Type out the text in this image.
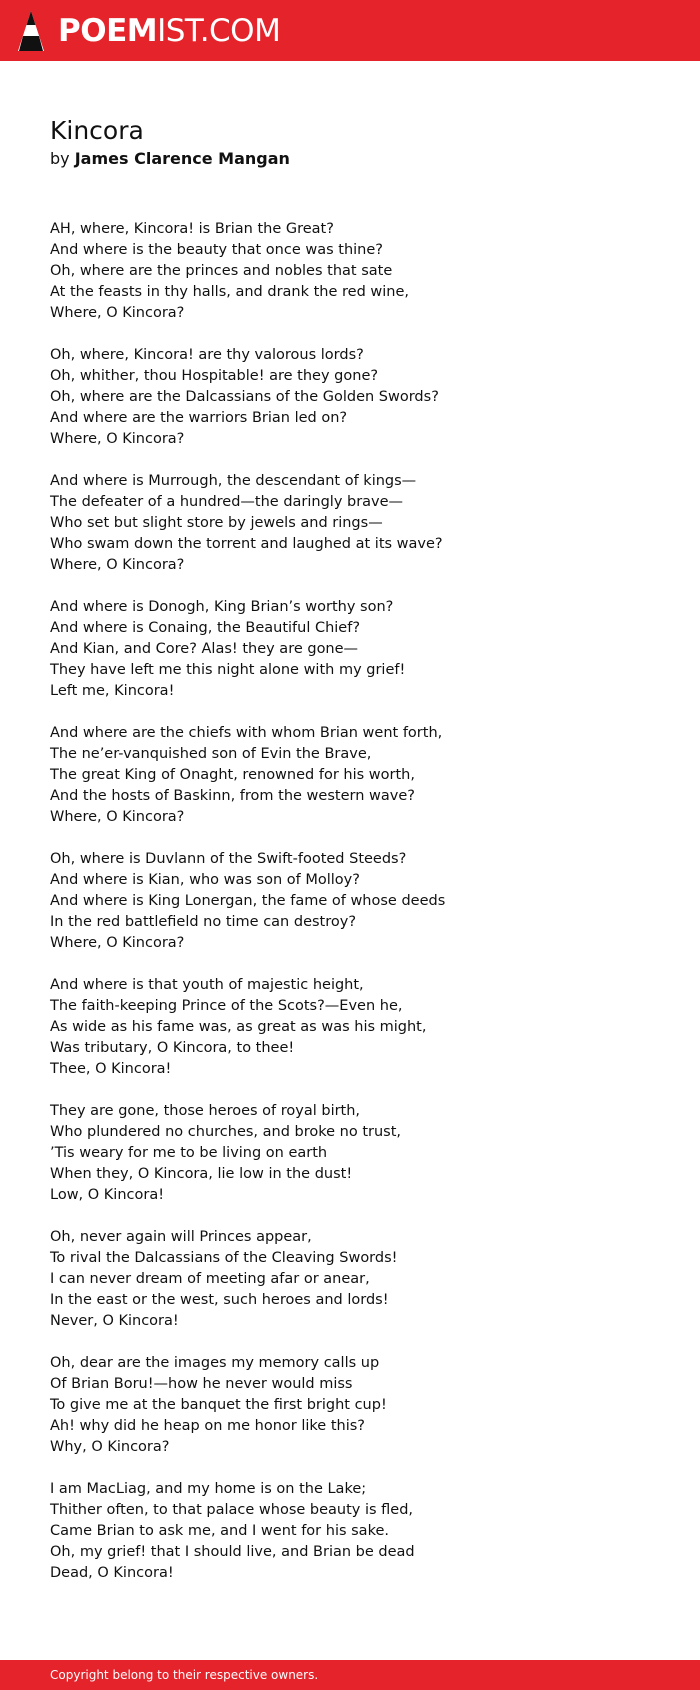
POEMIST.COM
Kincora
by James Clarence Mangan
AH, where, Kincora! is Brian the Great?
And where is the beauty that once was thine?
Oh, where are the princes and nobles that sate
At the feasts in thy halls, and drank the red wine,
Where, O Kincora?
Oh, where, Kincora! are thy valorous lords?
Oh, whither, thou Hospitable! are they gone?
Oh, where are the Dalcassians of the Golden Swords?
And where are the warriors Brian led on?
Where, O Kincora?
And where is Murrough, the descendant of kings—
The defeater of a hundred—the daringly brave—
Who set but slight store by jewels and rings—
Who swam down the torrent and laughed at its wave?
Where, O Kincora?
And where is Donogh, King Brian’s worthy son?
And where is Conaing, the Beautiful Chief?
And Kian, and Core? Alas! they are gone—
They have left me this night alone with my grief!
Left me, Kincora!
And where are the chiefs with whom Brian went forth,
The ne’er-vanquished son of Evin the Brave,
The great King of Onaght, renowned for his worth,
And the hosts of Baskinn, from the western wave?
Where, O Kincora?
Oh, where is Duvlann of the Swift-footed Steeds?
And where is Kian, who was son of Molloy?
And where is King Lonergan, the fame of whose deeds
In the red battlefield no time can destroy?
Where, O Kincora?
And where is that youth of majestic height,
The faith-keeping Prince of the Scots?—Even he,
As wide as his fame was, as great as was his might,
Was tributary, O Kincora, to thee!
Thee, O Kincora!
They are gone, those heroes of royal birth,
Who plundered no churches, and broke no trust,
’Tis weary for me to be living on earth
When they, O Kincora, lie low in the dust!
Low, O Kincora!
Oh, never again will Princes appear,
To rival the Dalcassians of the Cleaving Swords!
I can never dream of meeting afar or anear,
In the east or the west, such heroes and lords!
Never, O Kincora!
Oh, dear are the images my memory calls up
Of Brian Boru!—how he never would miss
To give me at the banquet the first bright cup!
Ah! why did he heap on me honor like this?
Why, O Kincora?
I am MacLiag, and my home is on the Lake;
Thither often, to that palace whose beauty is fled,
Came Brian to ask me, and I went for his sake.
Oh, my grief! that I should live, and Brian be dead
Dead, O Kincora!
Copyright belong to their respective owners.
